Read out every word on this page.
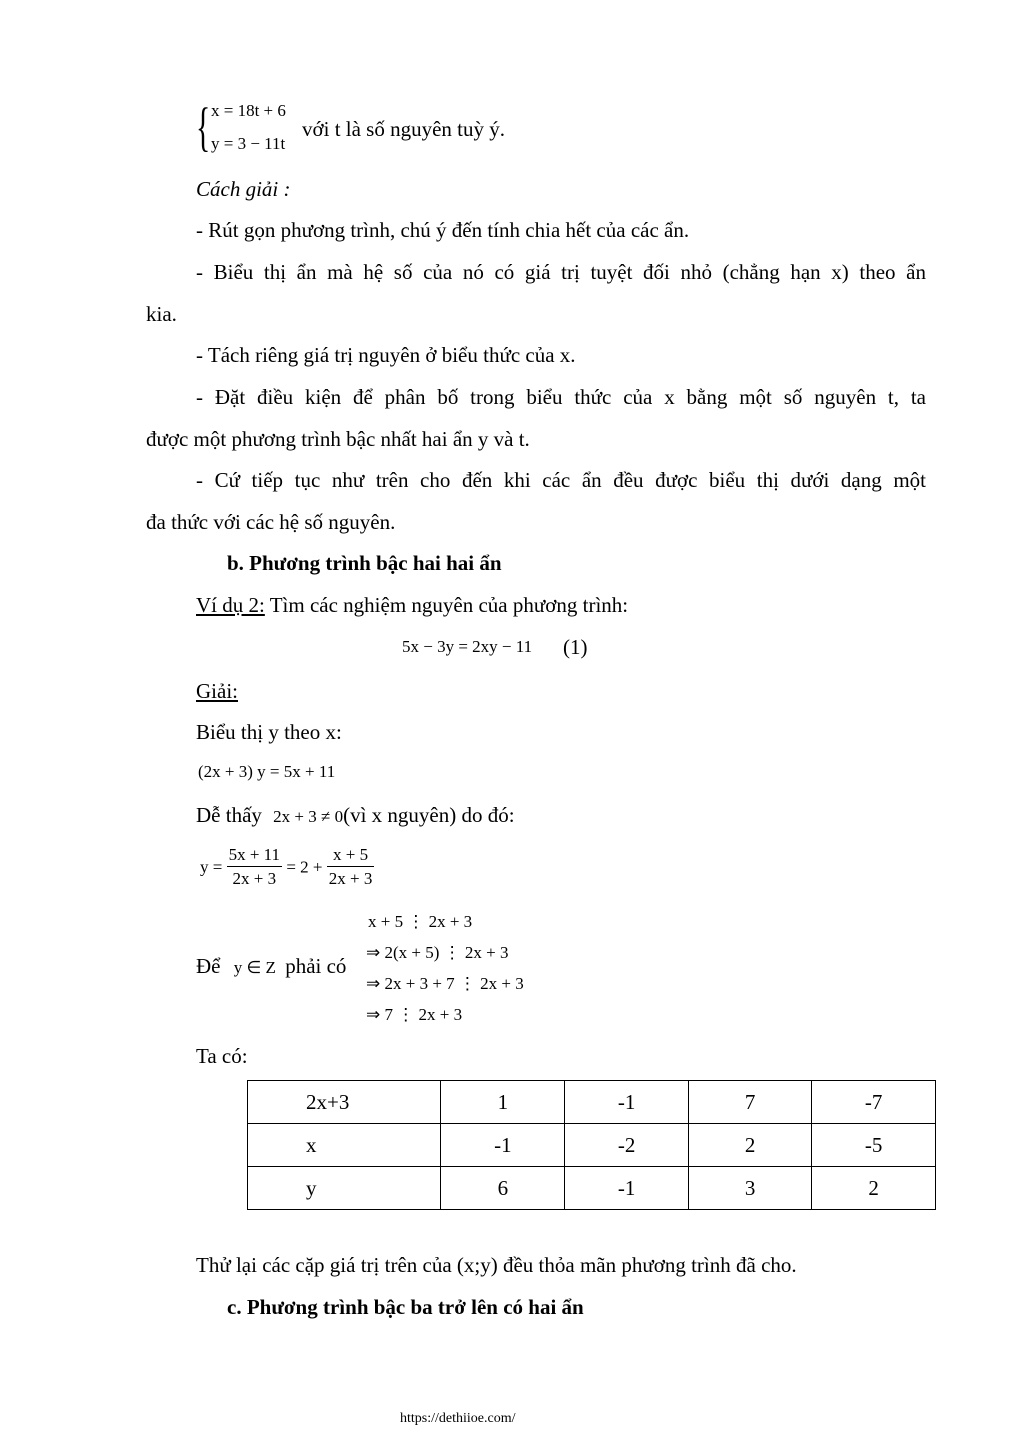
{ x = 18t + 6
y = 3 − 11t
với t là số nguyên tuỳ ý.
Cách giải :
- Rút gọn phương trình, chú ý đến tính chia hết của các ẩn.
- Biểu thị ẩn mà hệ số của nó có giá trị tuyệt đối nhỏ (chẳng hạn x) theo ẩn
kia.
- Tách riêng giá trị nguyên ở biểu thức của x.
- Đặt điều kiện để phân bố trong biểu thức của x bằng một số nguyên t, ta
được một phương trình bậc nhất hai ẩn y và t.
- Cứ tiếp tục như trên cho đến khi các ẩn đều được biểu thị dưới dạng một
đa thức với các hệ số nguyên.
b. Phương trình bậc hai hai ẩn
Ví dụ 2: Tìm các nghiệm nguyên của phương trình:
5x − 3y = 2xy − 11 (1)
Giải:
Biểu thị y theo x:
(2x + 3) y = 5x + 11
Dễ thấy 2x + 3 ≠ 0(vì x nguyên) do đó:
$y = \frac{5x + 11}{2x + 3} = 2 + \frac{x + 5}{2x + 3}$
Để y ∈ Z phải có
x + 5 ⋮ 2x + 3
⇒ 2(x + 5) ⋮ 2x + 3
⇒ 2x + 3 + 7 ⋮ 2x + 3
⇒ 7 ⋮ 2x + 3
Ta có:
2x+3	1	-1	7	-7
x	-1	-2	2	-5
y	6	-1	3	2
Thử lại các cặp giá trị trên của (x;y) đều thỏa mãn phương trình đã cho.
c. Phương trình bậc ba trở lên có hai ẩn
https://dethiioe.com/
